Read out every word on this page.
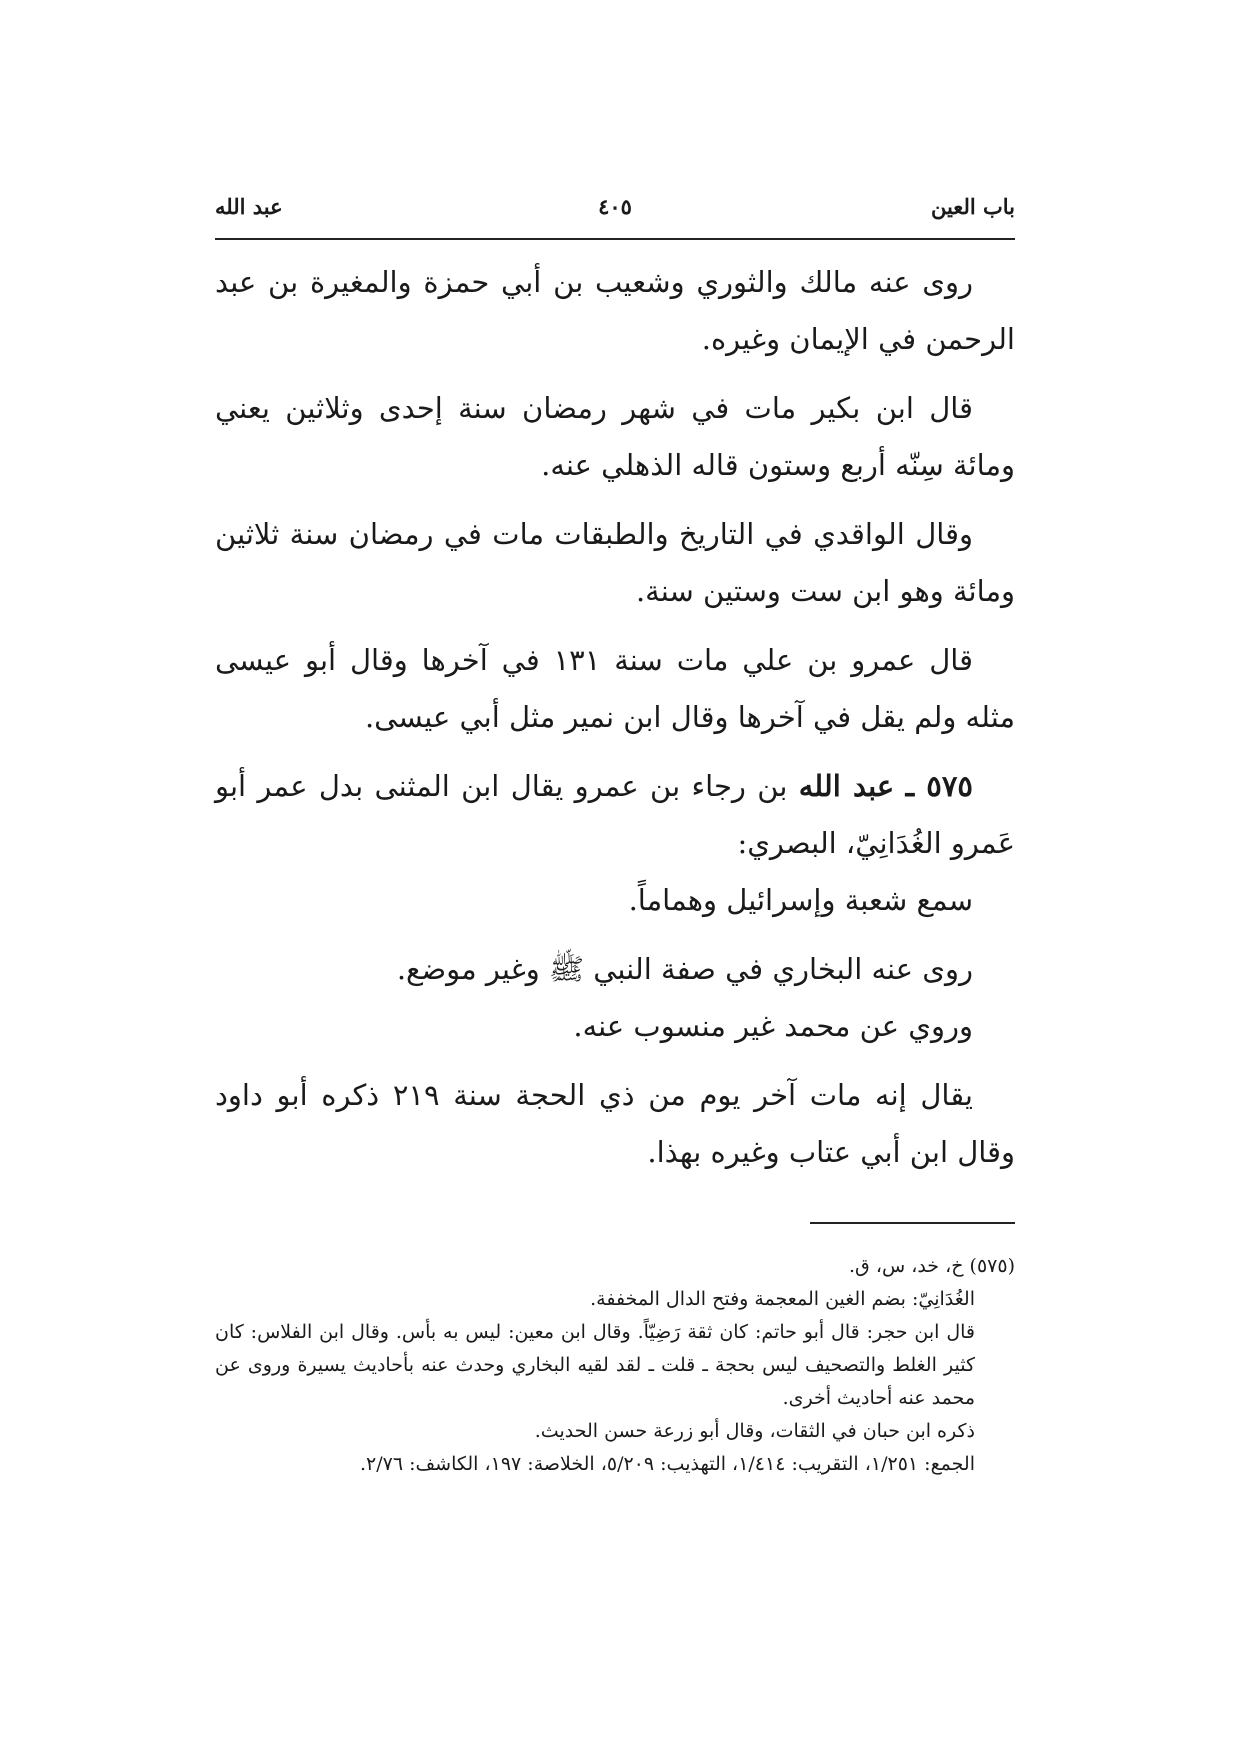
باب العين
٤٠٥
عبد الله

روى عنه مالك والثوري وشعيب بن أبي حمزة والمغيرة بن عبد الرحمن في الإيمان وغيره.

قال ابن بكير مات في شهر رمضان سنة إحدى وثلاثين يعني ومائة سِنّه أربع وستون قاله الذهلي عنه.

وقال الواقدي في التاريخ والطبقات مات في رمضان سنة ثلاثين ومائة وهو ابن ست وستين سنة.

قال عمرو بن علي مات سنة ١٣١ في آخرها وقال أبو عيسى مثله ولم يقل في آخرها وقال ابن نمير مثل أبي عيسى.

٥٧٥ ـ عبد الله بن رجاء بن عمرو يقال ابن المثنى بدل عمر أبو عَمرو الغُدَانِيّ، البصري:

سمع شعبة وإسرائيل وهماماً.

روى عنه البخاري في صفة النبي ﷺ وغير موضع.

وروي عن محمد غير منسوب عنه.

يقال إنه مات آخر يوم من ذي الحجة سنة ٢١٩ ذكره أبو داود وقال ابن أبي عتاب وغيره بهذا.

(٥٧٥) خ، خد، س، ق.

الغُدَانِيّ: بضم الغين المعجمة وفتح الدال المخففة.

قال ابن حجر: قال أبو حاتم: كان ثقة رَضِيّاً. وقال ابن معين: ليس به بأس. وقال ابن الفلاس: كان كثير الغلط والتصحيف ليس بحجة ـ قلت ـ لقد لقيه البخاري وحدث عنه بأحاديث يسيرة وروى عن محمد عنه أحاديث أخرى.

ذكره ابن حبان في الثقات، وقال أبو زرعة حسن الحديث.

الجمع: ١/٢٥١، التقريب: ١/٤١٤، التهذيب: ٥/٢٠٩، الخلاصة: ١٩٧، الكاشف: ٢/٧٦.
